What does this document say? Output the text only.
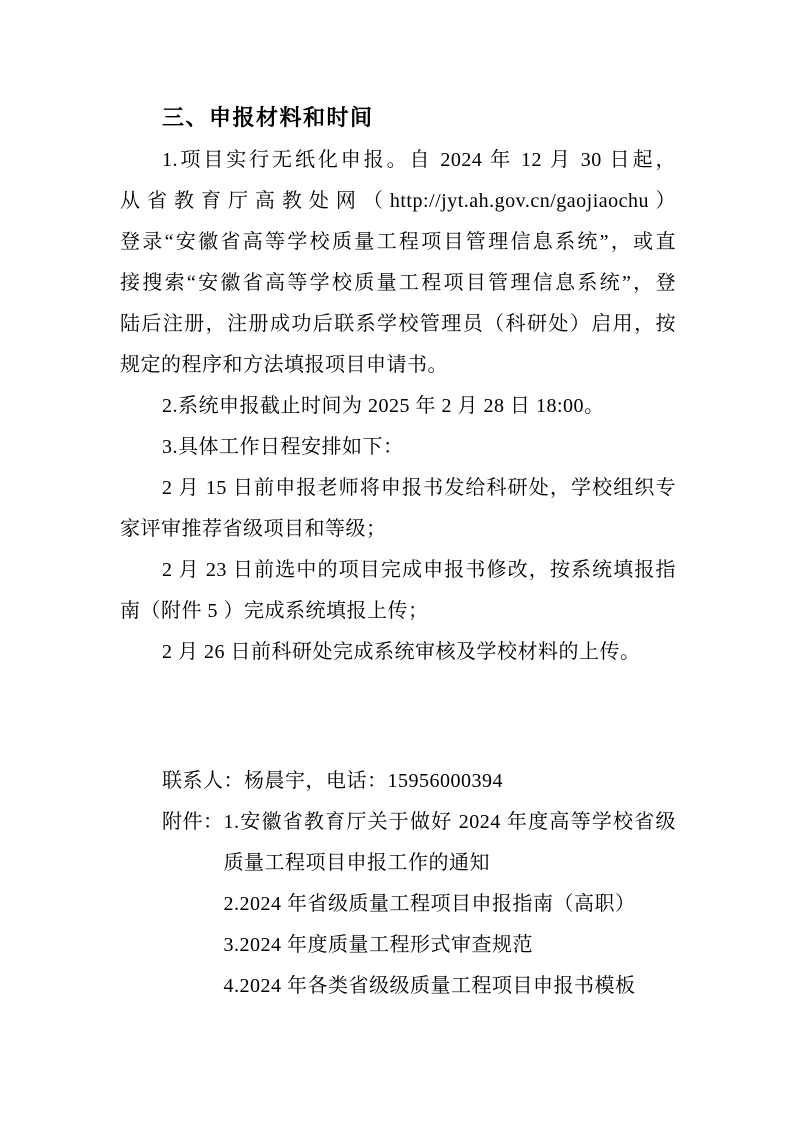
三、申报材料和时间
1.项目实行无纸化申报。自 2024 年 12 月 30 日起，
从省教育厅高教处网（http://jyt.ah.gov.cn/gaojiaochu）
登录“安徽省高等学校质量工程项目管理信息系统”，或直
接搜索“安徽省高等学校质量工程项目管理信息系统”，登
陆后注册，注册成功后联系学校管理员（科研处）启用，按
规定的程序和方法填报项目申请书。
2.系统申报截止时间为 2025 年 2 月 28 日 18:00。
3.具体工作日程安排如下：
2 月 15 日前申报老师将申报书发给科研处，学校组织专
家评审推荐省级项目和等级；
2 月 23 日前选中的项目完成申报书修改，按系统填报指
南（附件 5 ）完成系统填报上传；
2 月 26 日前科研处完成系统审核及学校材料的上传。
联系人：杨晨宇，电话：15956000394
附件： 1.安徽省教育厅关于做好 2024 年度高等学校省级质量工程项目申报工作的通知
2.2024 年省级质量工程项目申报指南（高职）
3.2024 年度质量工程形式审查规范
4.2024 年各类省级级质量工程项目申报书模板
